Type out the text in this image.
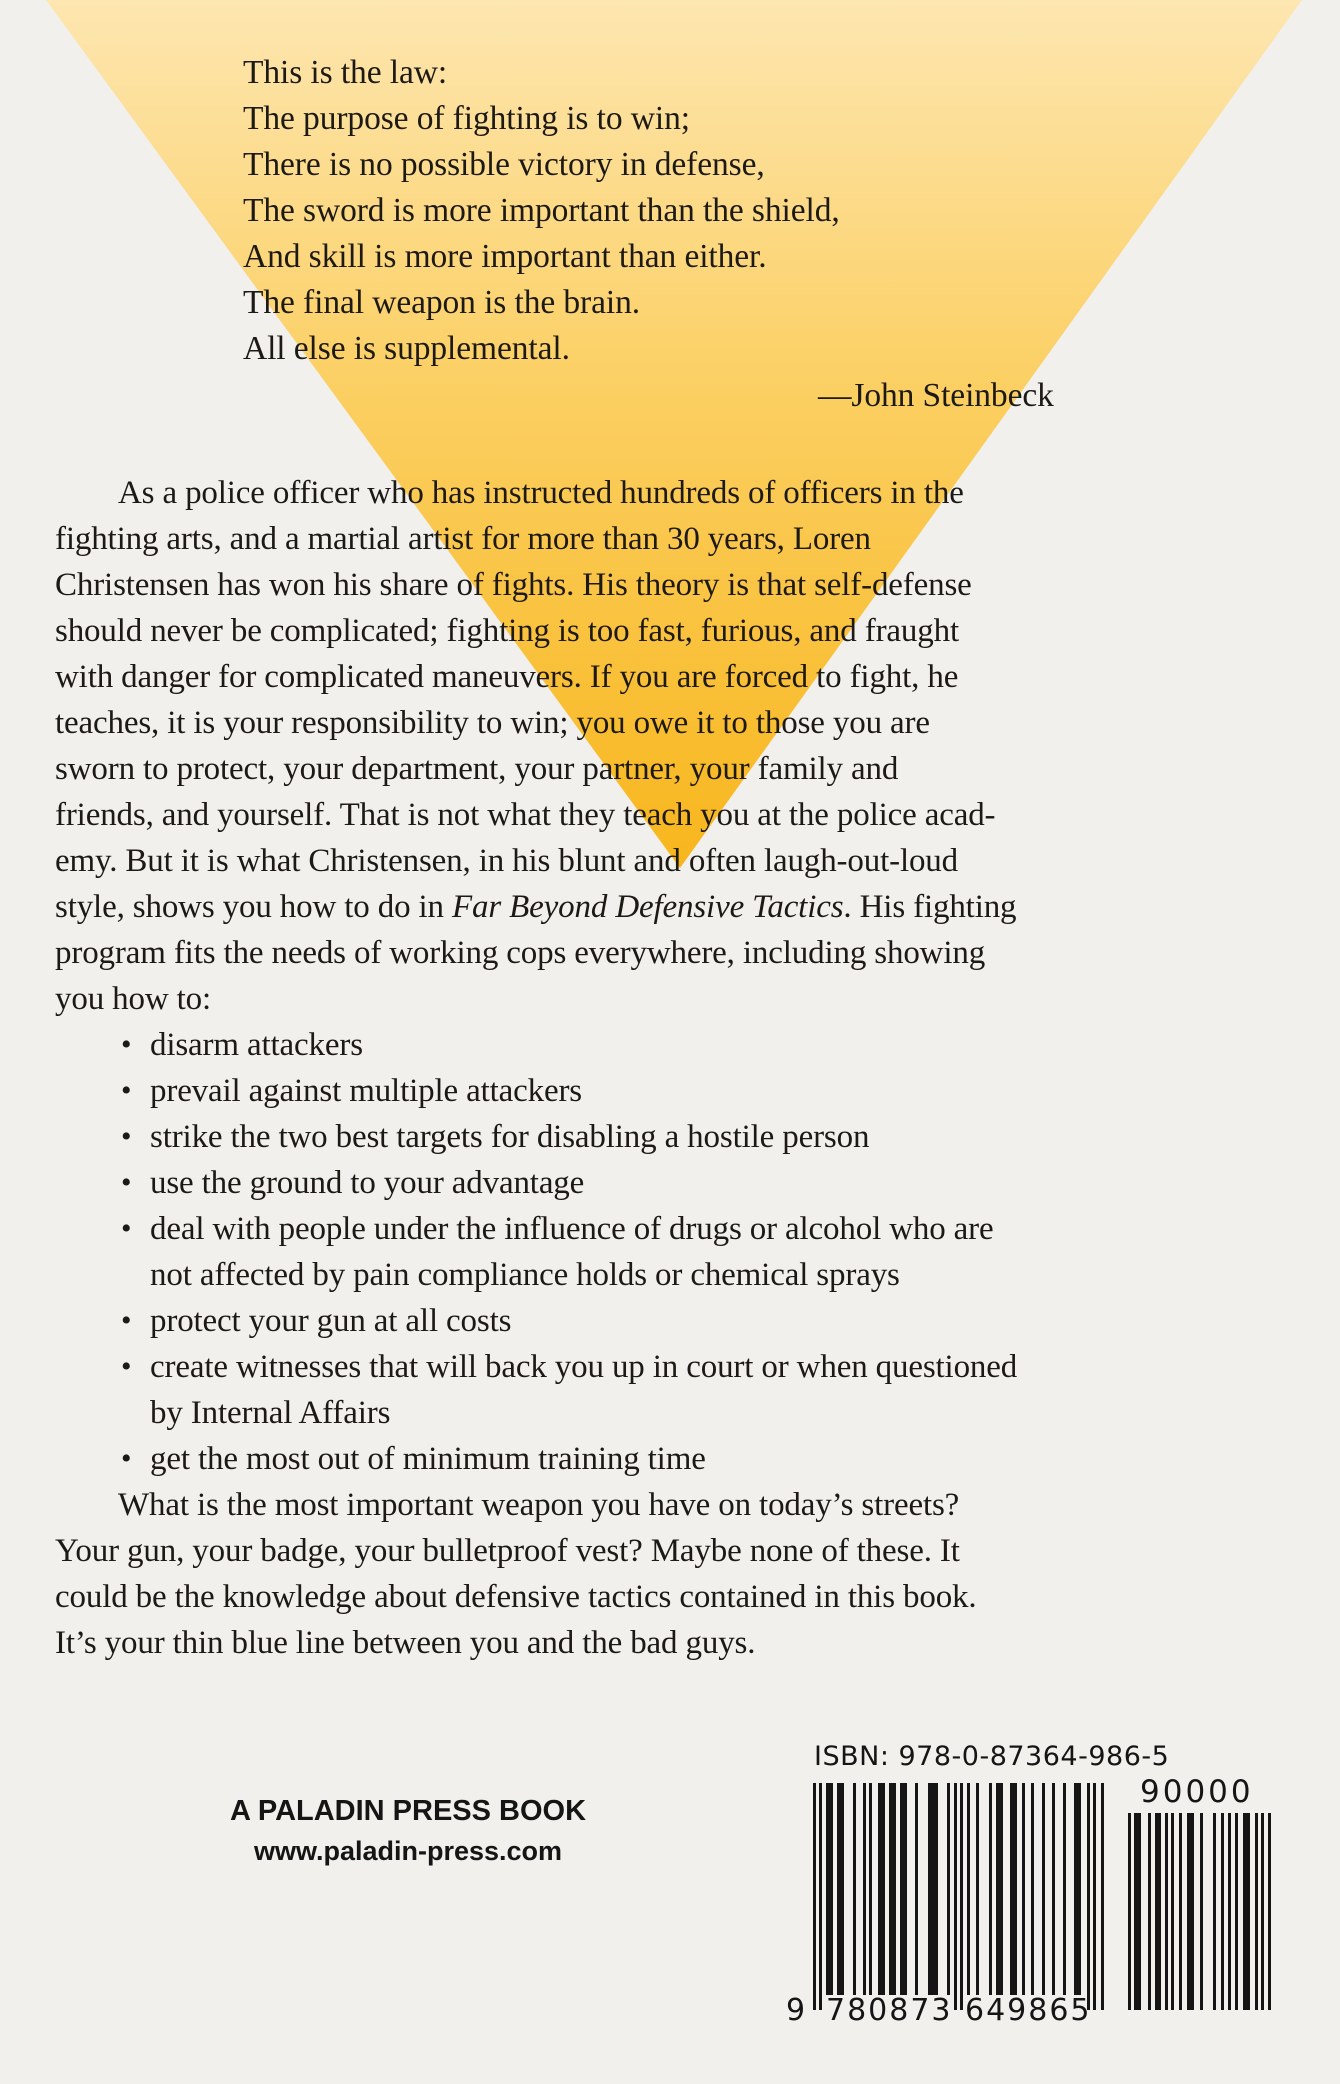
This is the law:
The purpose of fighting is to win;
There is no possible victory in defense,
The sword is more important than the shield,
And skill is more important than either.
The final weapon is the brain.
All else is supplemental.
—John Steinbeck
As a police officer who has instructed hundreds of officers in the
fighting arts, and a martial artist for more than 30 years, Loren
Christensen has won his share of fights. His theory is that self-defense
should never be complicated; fighting is too fast, furious, and fraught
with danger for complicated maneuvers. If you are forced to fight, he
teaches, it is your responsibility to win; you owe it to those you are
sworn to protect, your department, your partner, your family and
friends, and yourself. That is not what they teach you at the police acad-
emy. But it is what Christensen, in his blunt and often laugh-out-loud
style, shows you how to do in Far Beyond Defensive Tactics. His fighting
program fits the needs of working cops everywhere, including showing
you how to:
• disarm attackers
• prevail against multiple attackers
• strike the two best targets for disabling a hostile person
• use the ground to your advantage
• deal with people under the influence of drugs or alcohol who are
not affected by pain compliance holds or chemical sprays
• protect your gun at all costs
• create witnesses that will back you up in court or when questioned
by Internal Affairs
• get the most out of minimum training time
What is the most important weapon you have on today’s streets?
Your gun, your badge, your bulletproof vest? Maybe none of these. It
could be the knowledge about defensive tactics contained in this book.
It’s your thin blue line between you and the bad guys.
A PALADIN PRESS BOOK
www.paladin-press.com
ISBN: 978-0-87364-986-5
90000
9 780873 649865
